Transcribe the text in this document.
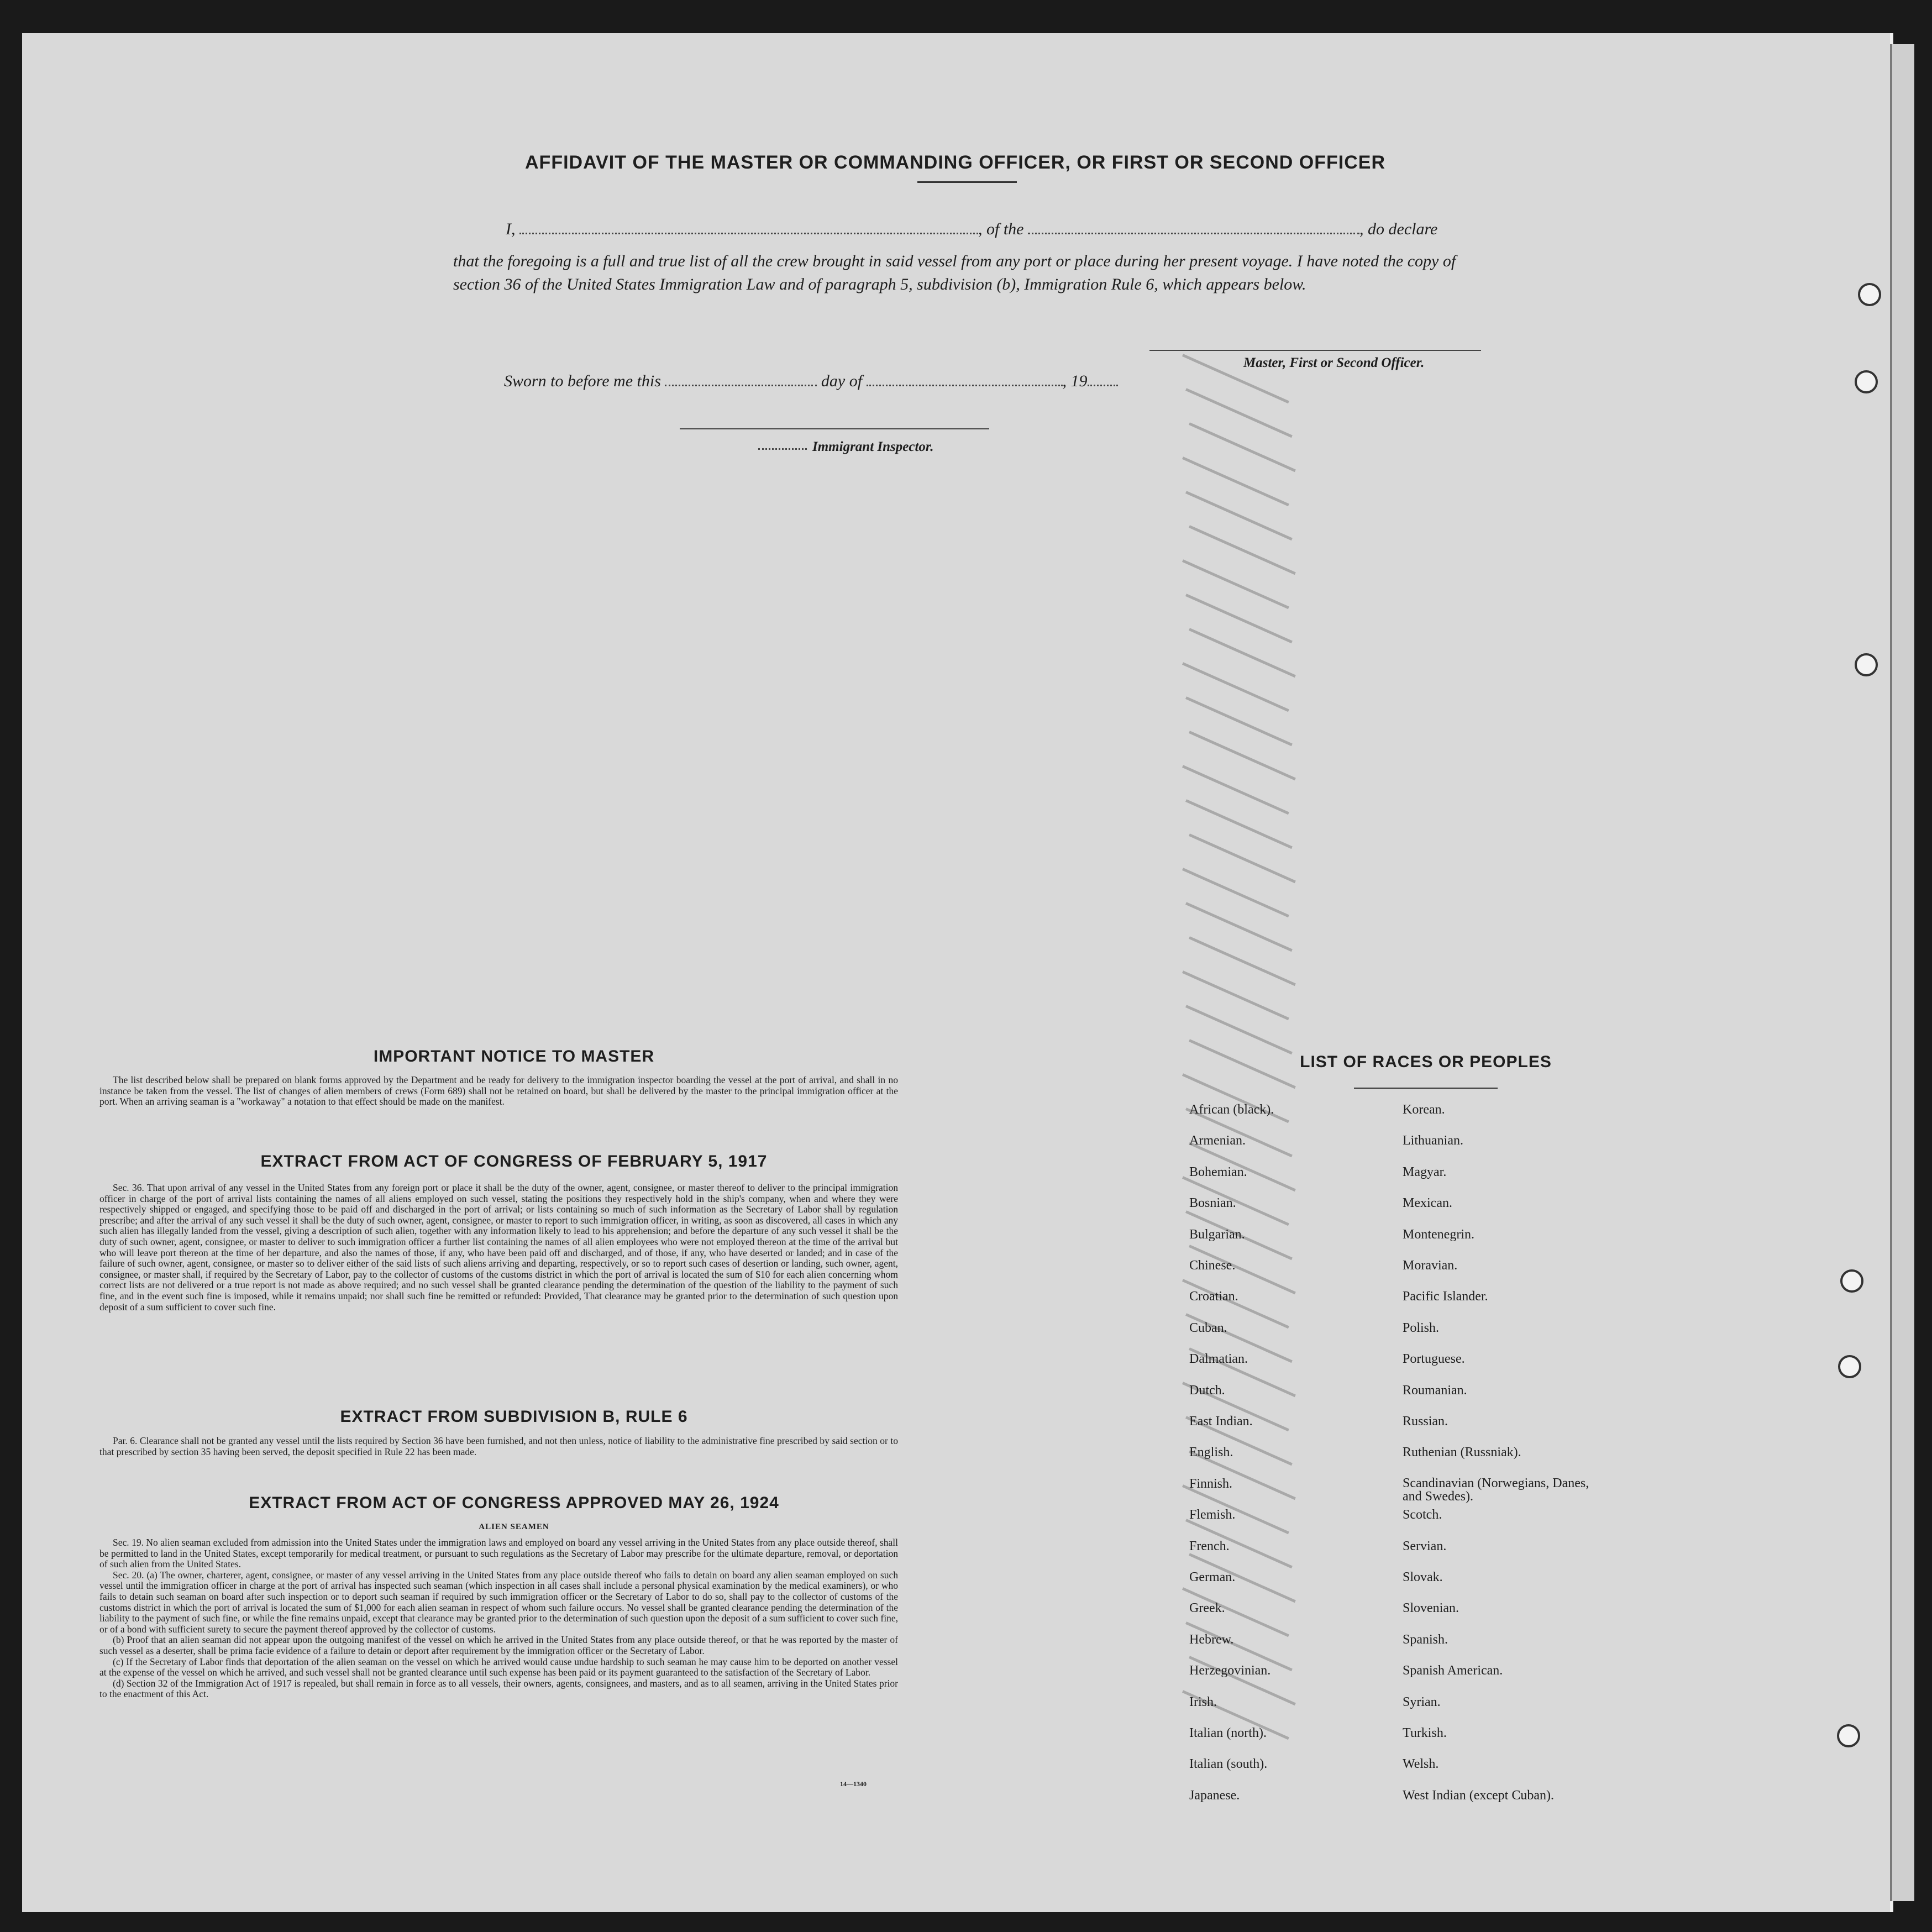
AFFIDAVIT OF THE MASTER OR COMMANDING OFFICER, OR FIRST OR SECOND OFFICER
I,	, of the	, do declare
that the foregoing is a full and true list of all the crew brought in said vessel from any port or place during her present voyage. I have noted the copy of section 36 of the United States Immigration Law and of paragraph 5, subdivision (b), Immigration Rule 6, which appears below.
Master, First or Second Officer.
Sworn to before me this	day of	, 19
Immigrant Inspector.
IMPORTANT NOTICE TO MASTER

The list described below shall be prepared on blank forms approved by the Department and be ready for delivery to the immigration inspector boarding the vessel at the port of arrival, and shall in no instance be taken from the vessel. The list of changes of alien members of crews (Form 689) shall not be retained on board, but shall be delivered by the master to the principal immigration officer at the port. When an arriving seaman is a "workaway" a notation to that effect should be made on the manifest.

EXTRACT FROM ACT OF CONGRESS OF FEBRUARY 5, 1917

Sec. 36. That upon arrival of any vessel in the United States from any foreign port or place it shall be the duty of the owner, agent, consignee, or master thereof to deliver to the principal immigration officer in charge of the port of arrival lists containing the names of all aliens employed on such vessel, stating the positions they respectively hold in the ship's company, when and where they were respectively shipped or engaged, and specifying those to be paid off and discharged in the port of arrival; or lists containing so much of such information as the Secretary of Labor shall by regulation prescribe; and after the arrival of any such vessel it shall be the duty of such owner, agent, consignee, or master to report to such immigration officer, in writing, as soon as discovered, all cases in which any such alien has illegally landed from the vessel, giving a description of such alien, together with any information likely to lead to his apprehension; and before the departure of any such vessel it shall be the duty of such owner, agent, consignee, or master to deliver to such immigration officer a further list containing the names of all alien employees who were not employed thereon at the time of the arrival but who will leave port thereon at the time of her departure, and also the names of those, if any, who have been paid off and discharged, and of those, if any, who have deserted or landed; and in case of the failure of such owner, agent, consignee, or master so to deliver either of the said lists of such aliens arriving and departing, respectively, or so to report such cases of desertion or landing, such owner, agent, consignee, or master shall, if required by the Secretary of Labor, pay to the collector of customs of the customs district in which the port of arrival is located the sum of $10 for each alien concerning whom correct lists are not delivered or a true report is not made as above required; and no such vessel shall be granted clearance pending the determination of the question of the liability to the payment of such fine, and in the event such fine is imposed, while it remains unpaid; nor shall such fine be remitted or refunded: Provided, That clearance may be granted prior to the determination of such question upon deposit of a sum sufficient to cover such fine.

EXTRACT FROM SUBDIVISION B, RULE 6

Par. 6. Clearance shall not be granted any vessel until the lists required by Section 36 have been furnished, and not then unless, notice of liability to the administrative fine prescribed by said section or to that prescribed by section 35 having been served, the deposit specified in Rule 22 has been made.

EXTRACT FROM ACT OF CONGRESS APPROVED MAY 26, 1924
ALIEN SEAMEN

Sec. 19. No alien seaman excluded from admission into the United States under the immigration laws and employed on board any vessel arriving in the United States from any place outside thereof, shall be permitted to land in the United States, except temporarily for medical treatment, or pursuant to such regulations as the Secretary of Labor may prescribe for the ultimate departure, removal, or deportation of such alien from the United States.

Sec. 20. (a) The owner, charterer, agent, consignee, or master of any vessel arriving in the United States from any place outside thereof who fails to detain on board any alien seaman employed on such vessel until the immigration officer in charge at the port of arrival has inspected such seaman (which inspection in all cases shall include a personal physical examination by the medical examiners), or who fails to detain such seaman on board after such inspection or to deport such seaman if required by such immigration officer or the Secretary of Labor to do so, shall pay to the collector of customs of the customs district in which the port of arrival is located the sum of $1,000 for each alien seaman in respect of whom such failure occurs. No vessel shall be granted clearance pending the determination of the liability to the payment of such fine, or while the fine remains unpaid, except that clearance may be granted prior to the determination of such question upon the deposit of a sum sufficient to cover such fine, or of a bond with sufficient surety to secure the payment thereof approved by the collector of customs.

(b) Proof that an alien seaman did not appear upon the outgoing manifest of the vessel on which he arrived in the United States from any place outside thereof, or that he was reported by the master of such vessel as a deserter, shall be prima facie evidence of a failure to detain or deport after requirement by the immigration officer or the Secretary of Labor.

(c) If the Secretary of Labor finds that deportation of the alien seaman on the vessel on which he arrived would cause undue hardship to such seaman he may cause him to be deported on another vessel at the expense of the vessel on which he arrived, and such vessel shall not be granted clearance until such expense has been paid or its payment guaranteed to the satisfaction of the Secretary of Labor.

(d) Section 32 of the Immigration Act of 1917 is repealed, but shall remain in force as to all vessels, their owners, agents, consignees, and masters, and as to all seamen, arriving in the United States prior to the enactment of this Act.

14—1340
LIST OF RACES OR PEOPLES
African (black).
Armenian.
Bohemian.
Bosnian.
Bulgarian.
Chinese.
Croatian.
Cuban.
Dalmatian.
Dutch.
East Indian.
English.
Finnish.
Flemish.
French.
German.
Greek.
Hebrew.
Herzegovinian.
Irish.
Italian (north).
Italian (south).
Japanese.
Korean.
Lithuanian.
Magyar.
Mexican.
Montenegrin.
Moravian.
Pacific Islander.
Polish.
Portuguese.
Roumanian.
Russian.
Ruthenian (Russniak).
Scandinavian (Norwegians, Danes, and Swedes).
Scotch.
Servian.
Slovak.
Slovenian.
Spanish.
Spanish American.
Syrian.
Turkish.
Welsh.
West Indian (except Cuban).
